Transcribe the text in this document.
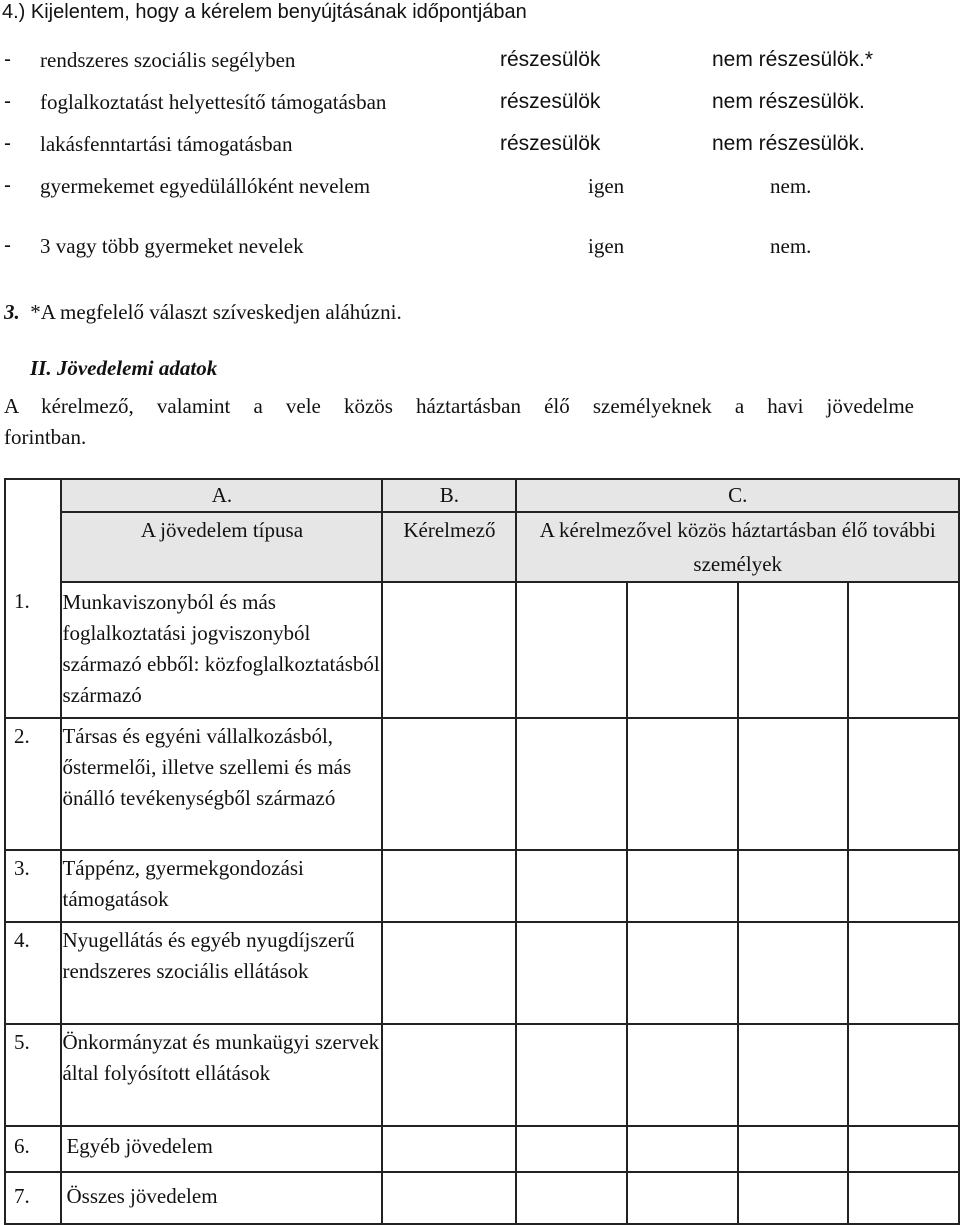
4.) Kijelentem, hogy a kérelem benyújtásának időpontjában
- rendszeres szociális segélyben	részesülök	nem részesülök.*
- foglalkoztatást helyettesítő támogatásban	részesülök	nem részesülök.
- lakásfenntartási támogatásban	részesülök	nem részesülök.
- gyermekemet egyedülállóként nevelem	igen	nem.
- 3 vagy több gyermeket nevelek	igen	nem.
3. *A megfelelő választ szíveskedjen aláhúzni.
II. Jövedelemi adatok
A kérelmező, valamint a vele közös háztartásban élő személyeknek a havi jövedelme
forintban.
	A.	B.	C.
	A jövedelem típusa	Kérelmező	A kérelmezővel közös háztartásban élő további személyek
1.	Munkaviszonyból és más foglalkoztatási jogviszonyból származó ebből: közfoglalkoztatásból származó		

2.	Társas és egyéni vállalkozásból, őstermelői, illetve szellemi és más önálló tevékenységből származó		

3.	Táppénz, gyermekgondozási támogatások		

4.	Nyugellátás és egyéb nyugdíjszerű rendszeres szociális ellátások		

5.	Önkormányzat és munkaügyi szervek által folyósított ellátások		

6.	Egyéb jövedelem		

7.	Összes jövedelem		
